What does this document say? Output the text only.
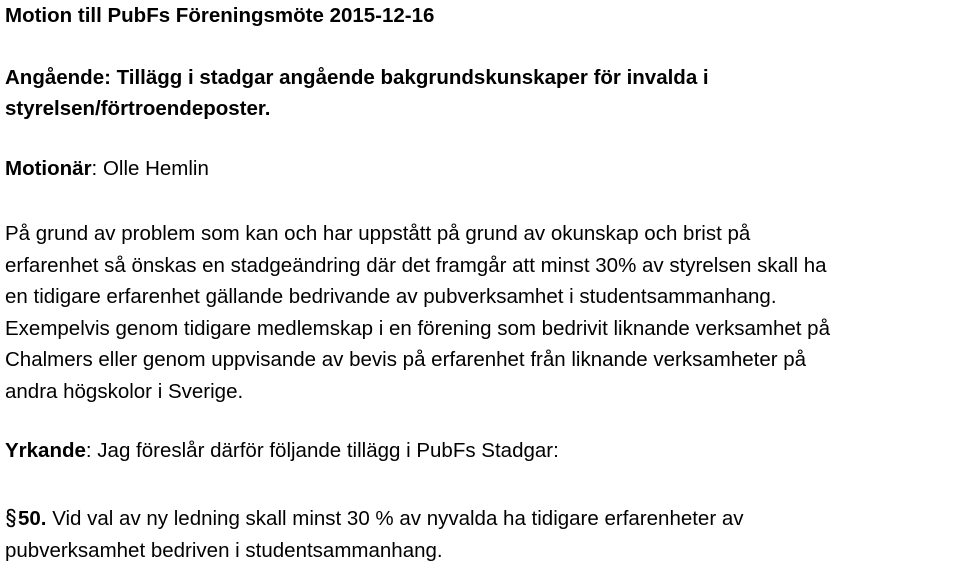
Motion till PubFs Föreningsmöte 2015-12-16
Angående: Tillägg i stadgar angående bakgrundskunskaper för invalda i styrelsen/förtroendeposter.
Motionär: Olle Hemlin
På grund av problem som kan och har uppstått på grund av okunskap och brist på
erfarenhet så önskas en stadgeändring där det framgår att minst 30% av styrelsen skall ha
en tidigare erfarenhet gällande bedrivande av pubverksamhet i studentsammanhang.
Exempelvis genom tidigare medlemskap i en förening som bedrivit liknande verksamhet på
Chalmers eller genom uppvisande av bevis på erfarenhet från liknande verksamheter på
andra högskolor i Sverige.
Yrkande: Jag föreslår därför följande tillägg i PubFs Stadgar:
50. Vid val av ny ledning skall minst 30 % av nyvalda ha tidigare erfarenheter av
pubverksamhet bedriven i studentsammanhang.
